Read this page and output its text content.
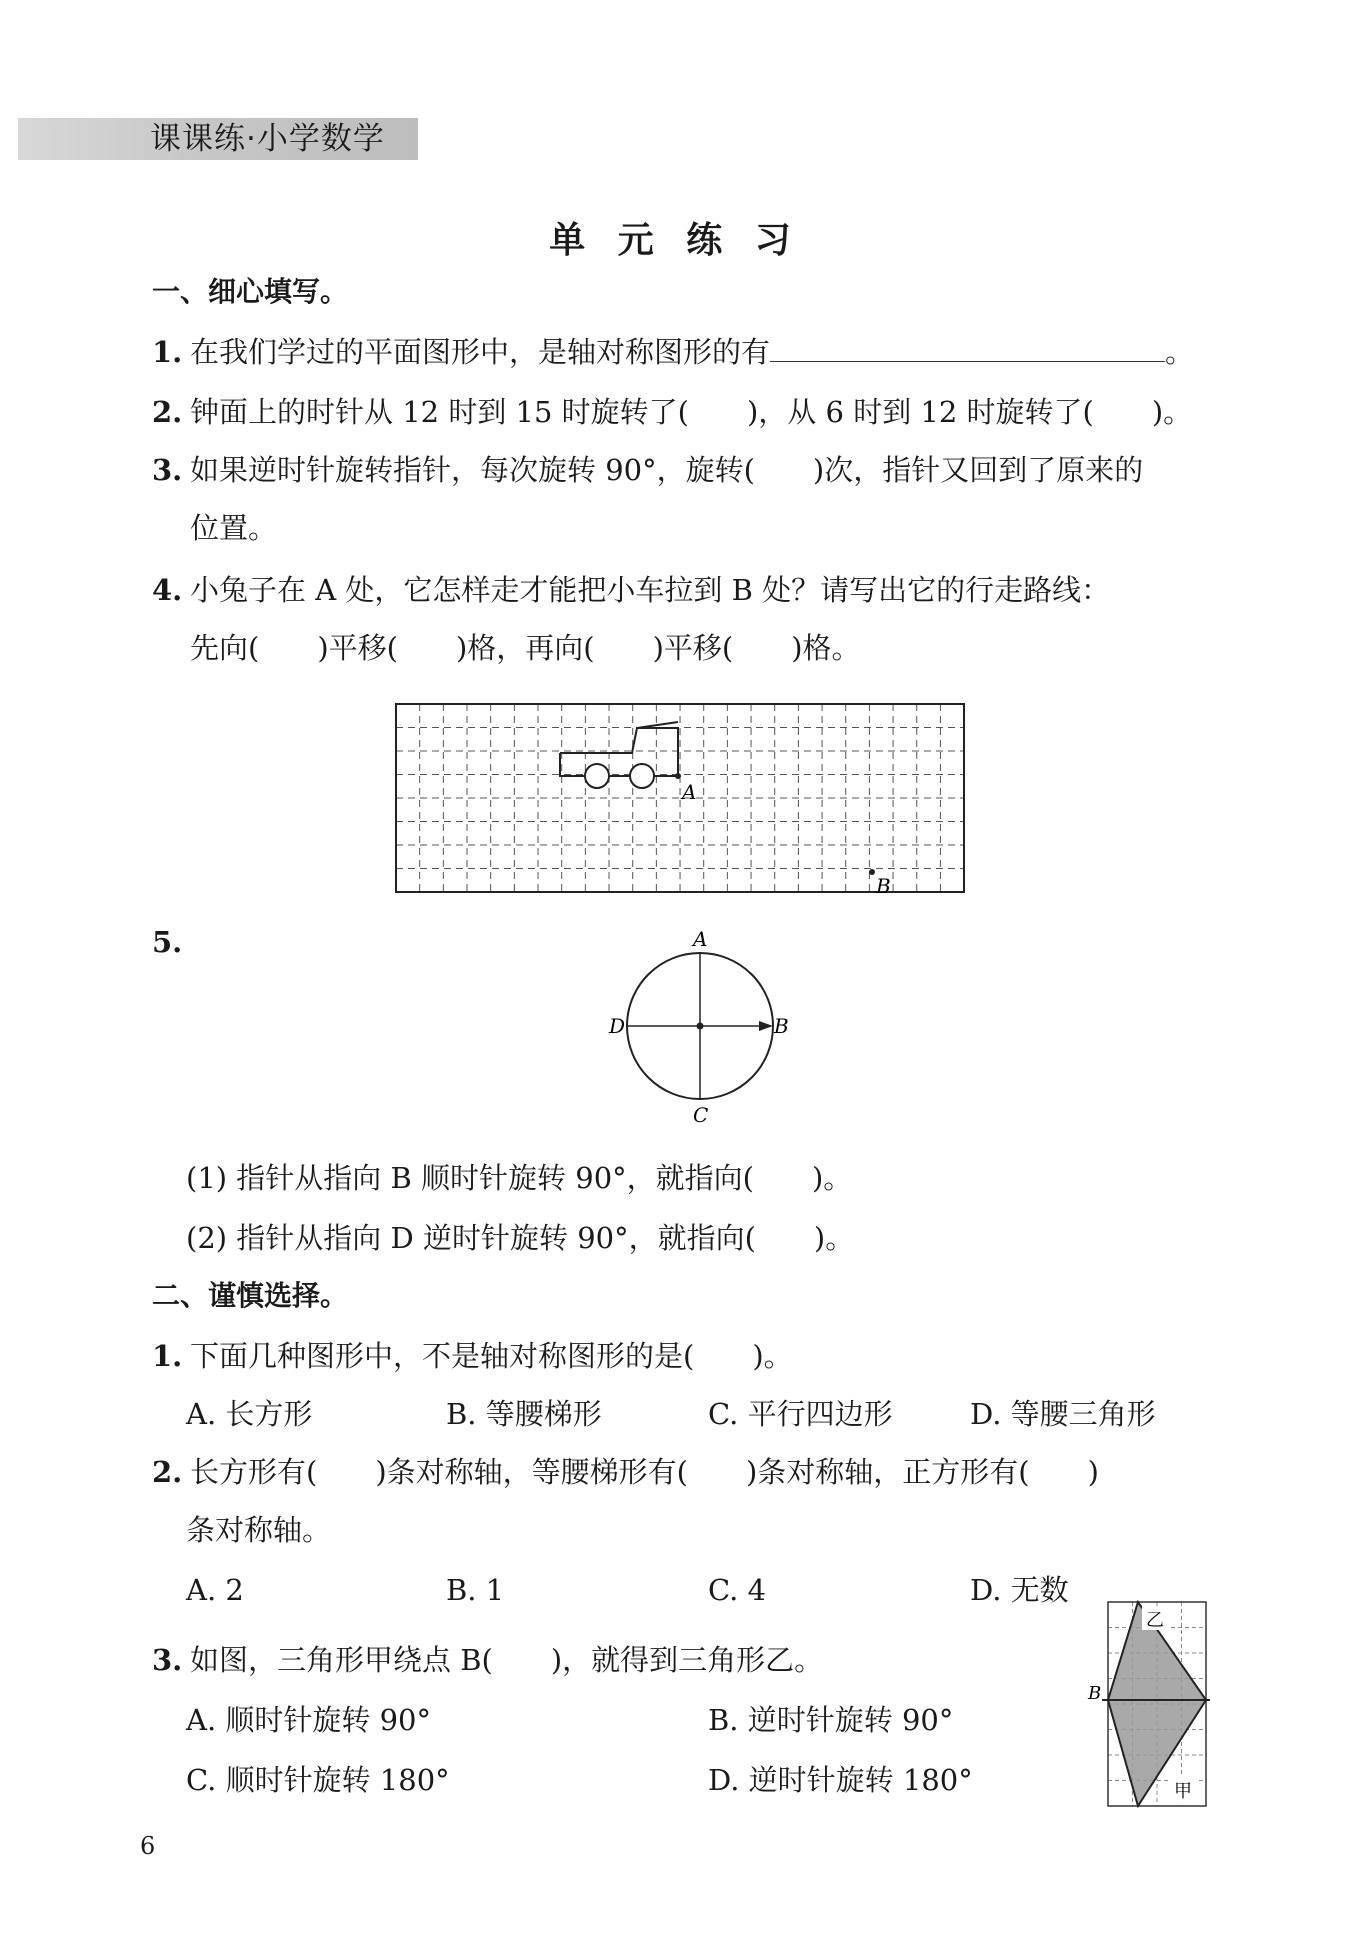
课课练·小学数学
单 元 练 习
一、细心填写。
1. 在我们学过的平面图形中，是轴对称图形的有	。
2. 钟面上的时针从 12 时到 15 时旋转了(　　)，从 6 时到 12 时旋转了(　　)。
3. 如果逆时针旋转指针，每次旋转 90°，旋转(　　)次，指针又回到了原来的
位置。
4. 小兔子在 A 处，它怎样走才能把小车拉到 B 处？请写出它的行走路线：
先向(　　)平移(　　)格，再向(　　)平移(　　)格。
A
B
5.	A
B
C
D
(1) 指针从指向 B 顺时针旋转 90°，就指向(　　)。
(2) 指针从指向 D 逆时针旋转 90°，就指向(　　)。
二、谨慎选择。
1. 下面几种图形中，不是轴对称图形的是(　　)。
A. 长方形	B. 等腰梯形	C. 平行四边形	D. 等腰三角形
2. 长方形有(　　)条对称轴，等腰梯形有(　　)条对称轴，正方形有(　　)
条对称轴。
A. 2	B. 1	C. 4	D. 无数
3. 如图，三角形甲绕点 B(　　)，就得到三角形乙。
A. 顺时针旋转 90°	B. 逆时针旋转 90°
C. 顺时针旋转 180°	D. 逆时针旋转 180°
乙
甲
B
6
